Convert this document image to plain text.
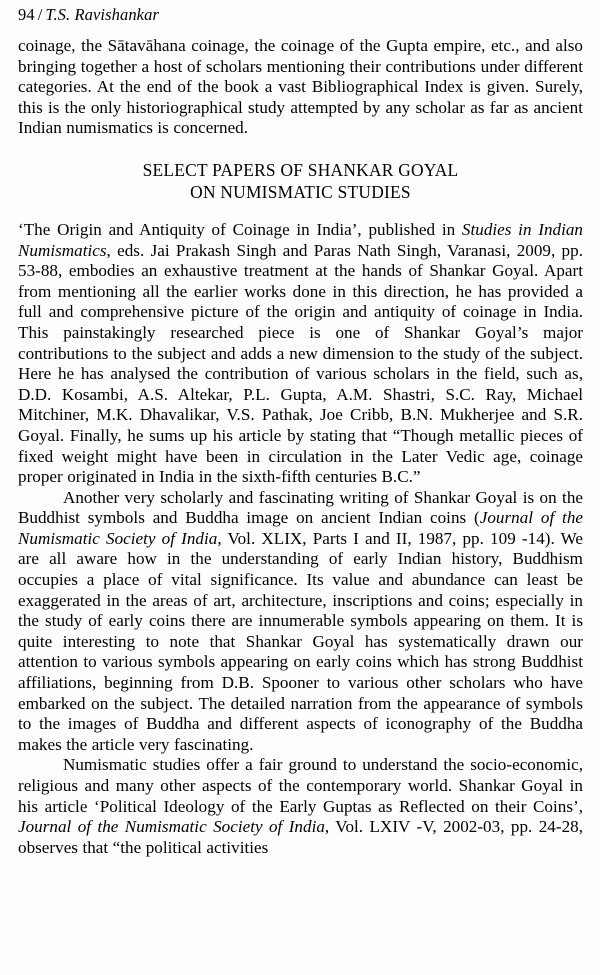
94 / T.S. Ravishankar

coinage, the Sātavāhana coinage, the coinage of the Gupta empire, etc., and also bringing together a host of scholars mentioning their contributions under different categories. At the end of the book a vast Bibliographical Index is given. Surely, this is the only historiographical study attempted by any scholar as far as ancient Indian numismatics is concerned.

SELECT PAPERS OF SHANKAR GOYAL
ON NUMISMATIC STUDIES

‘The Origin and Antiquity of Coinage in India’, published in Studies in Indian Numismatics, eds. Jai Prakash Singh and Paras Nath Singh, Varanasi, 2009, pp. 53-88, embodies an exhaustive treatment at the hands of Shankar Goyal. Apart from mentioning all the earlier works done in this direction, he has provided a full and comprehensive picture of the origin and antiquity of coinage in India. This painstakingly researched piece is one of Shankar Goyal’s major contributions to the subject and adds a new dimension to the study of the subject. Here he has analysed the contribution of various scholars in the field, such as, D.D. Kosambi, A.S. Altekar, P.L. Gupta, A.M. Shastri, S.C. Ray, Michael Mitchiner, M.K. Dhavalikar, V.S. Pathak, Joe Cribb, B.N. Mukherjee and S.R. Goyal. Finally, he sums up his article by stating that “Though metallic pieces of fixed weight might have been in circulation in the Later Vedic age, coinage proper originated in India in the sixth-fifth centuries B.C.”

Another very scholarly and fascinating writing of Shankar Goyal is on the Buddhist symbols and Buddha image on ancient Indian coins (Journal of the Numismatic Society of India, Vol. XLIX, Parts I and II, 1987, pp. 109 -14). We are all aware how in the understanding of early Indian history, Buddhism occupies a place of vital significance. Its value and abundance can least be exaggerated in the areas of art, architecture, inscriptions and coins; especially in the study of early coins there are innumerable symbols appearing on them. It is quite interesting to note that Shankar Goyal has systematically drawn our attention to various symbols appearing on early coins which has strong Buddhist affiliations, beginning from D.B. Spooner to various other scholars who have embarked on the subject. The detailed narration from the appearance of symbols to the images of Buddha and different aspects of iconography of the Buddha makes the article very fascinating.

Numismatic studies offer a fair ground to understand the socio-economic, religious and many other aspects of the contemporary world. Shankar Goyal in his article ‘Political Ideology of the Early Guptas as Reflected on their Coins’, Journal of the Numismatic Society of India, Vol. LXIV -V, 2002-03, pp. 24-28, observes that “the political activities
